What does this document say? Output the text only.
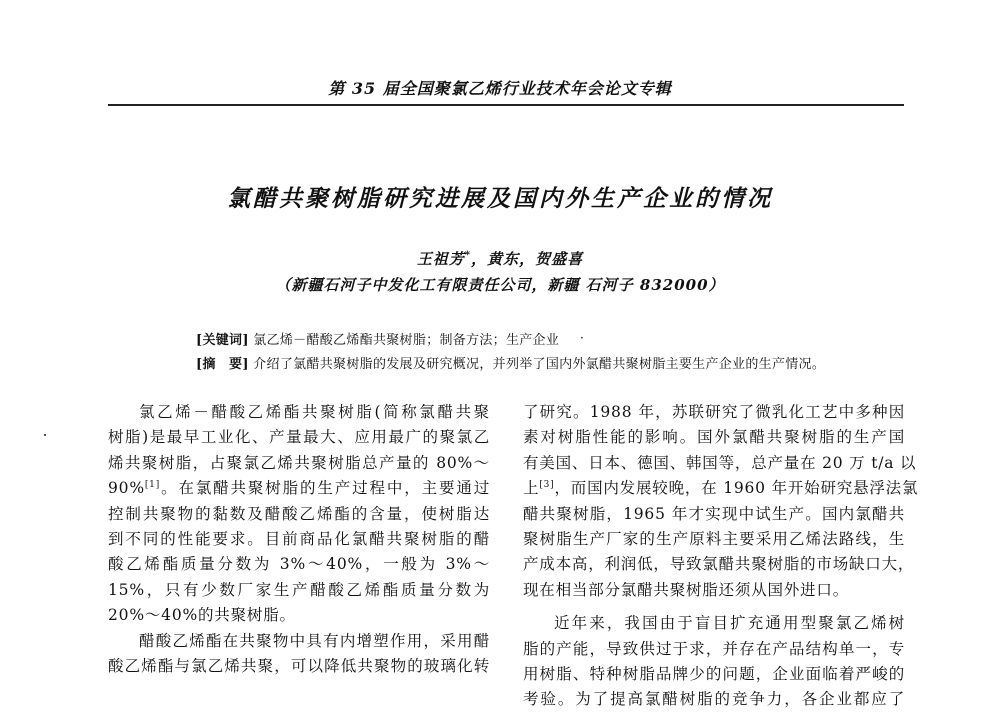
第 35 届全国聚氯乙烯行业技术年会论文专辑
氯醋共聚树脂研究进展及国内外生产企业的情况
王祖芳*，黄东，贺盛喜
（新疆石河子中发化工有限责任公司，新疆 石河子 832000）
[关键词] 氯乙烯－醋酸乙烯酯共聚树脂；制备方法；生产企业 ·
[摘　要] 介绍了氯醋共聚树脂的发展及研究概况，并列举了国内外氯醋共聚树脂主要生产企业的生产情况。

氯乙烯－醋酸乙烯酯共聚树脂(简称氯醋共聚
树脂)是最早工业化、产量最大、应用最广的聚氯乙
烯共聚树脂，占聚氯乙烯共聚树脂总产量的 80%～
90%[1]。在氯醋共聚树脂的生产过程中，主要通过
控制共聚物的黏数及醋酸乙烯酯的含量，使树脂达
到不同的性能要求。目前商品化氯醋共聚树脂的醋
酸乙烯酯质量分数为 3%～40%，一般为 3%～
15%，只有少数厂家生产醋酸乙烯酯质量分数为
20%～40%的共聚树脂。

醋酸乙烯酯在共聚物中具有内增塑作用，采用醋
酸乙烯酯与氯乙烯共聚，可以降低共聚物的玻璃化转

了研究。1988 年，苏联研究了微乳化工艺中多种因
素对树脂性能的影响。国外氯醋共聚树脂的生产国
有美国、日本、德国、韩国等，总产量在 20 万 t/a 以
上[3]，而国内发展较晚，在 1960 年开始研究悬浮法氯
醋共聚树脂，1965 年才实现中试生产。国内氯醋共
聚树脂生产厂家的生产原料主要采用乙烯法路线，生
产成本高，利润低，导致氯醋共聚树脂的市场缺口大，
现在相当部分氯醋共聚树脂还须从国外进口。

近年来，我国由于盲目扩充通用型聚氯乙烯树
脂的产能，导致供过于求，并存在产品结构单一，专
用树脂、特种树脂品牌少的问题，企业面临着严峻的
考验。为了提高氯醋树脂的竞争力，各企业都应了
